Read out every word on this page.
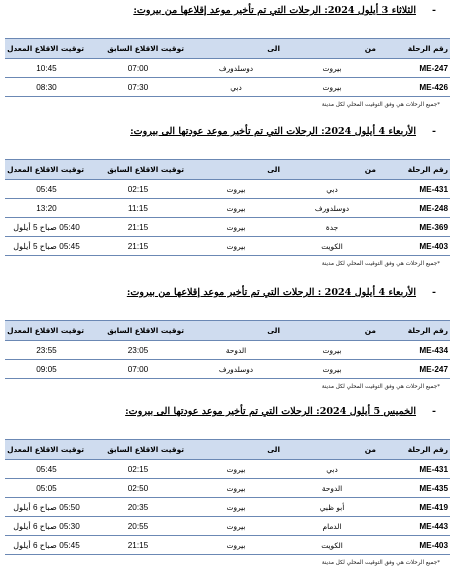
-الثلاثاء 3 أيلول 2024: الرحلات التي تم تأخير موعد إقلاعها من بيروت:
رقم الرحلة	من	الى	توقيت الاقلاع السابق	توقيت الاقلاع المعدل
ME-247	بيروت	دوسلدورف	07:00	10:45
ME-426	بيروت	دبي	07:30	08:30
*جميع الرحلات هي وفق التوقيت المحلي لكل مدينة
-الأربعاء 4 أيلول 2024: الرحلات التي تم تأخير موعد عودتها الى بيروت:
رقم الرحلة	من	الى	توقيت الاقلاع السابق	توقيت الاقلاع المعدل
ME-431	دبي	بيروت	02:15	05:45
ME-248	دوسلدورف	بيروت	11:15	13:20
ME-369	جدة	بيروت	21:15	05:40 صباح 5 أيلول
ME-403	الكويت	بيروت	21:15	05:45 صباح 5 أيلول
*جميع الرحلات هي وفق التوقيت المحلي لكل مدينة
-الأربعاء 4 أيلول 2024 : الرحلات التي تم تأخير موعد إقلاعها من بيروت:
رقم الرحلة	من	الى	توقيت الاقلاع السابق	توقيت الاقلاع المعدل
ME-434	بيروت	الدوحة	23:05	23:55
ME-247	بيروت	دوسلدورف	07:00	09:05
*جميع الرحلات هي وفق التوقيت المحلي لكل مدينة
-الخميس 5 أيلول 2024: الرحلات التي تم تأخير موعد عودتها الى بيروت:
رقم الرحلة	من	الى	توقيت الاقلاع السابق	توقيت الاقلاع المعدل
ME-431	دبي	بيروت	02:15	05:45
ME-435	الدوحة	بيروت	02:50	05:05
ME-419	أبو ظبي	بيروت	20:35	05:50 صباح 6 أيلول
ME-443	الدمام	بيروت	20:55	05:30 صباح 6 أيلول
ME-403	الكويت	بيروت	21:15	05:45 صباح 6 أيلول
*جميع الرحلات هي وفق التوقيت المحلي لكل مدينة
